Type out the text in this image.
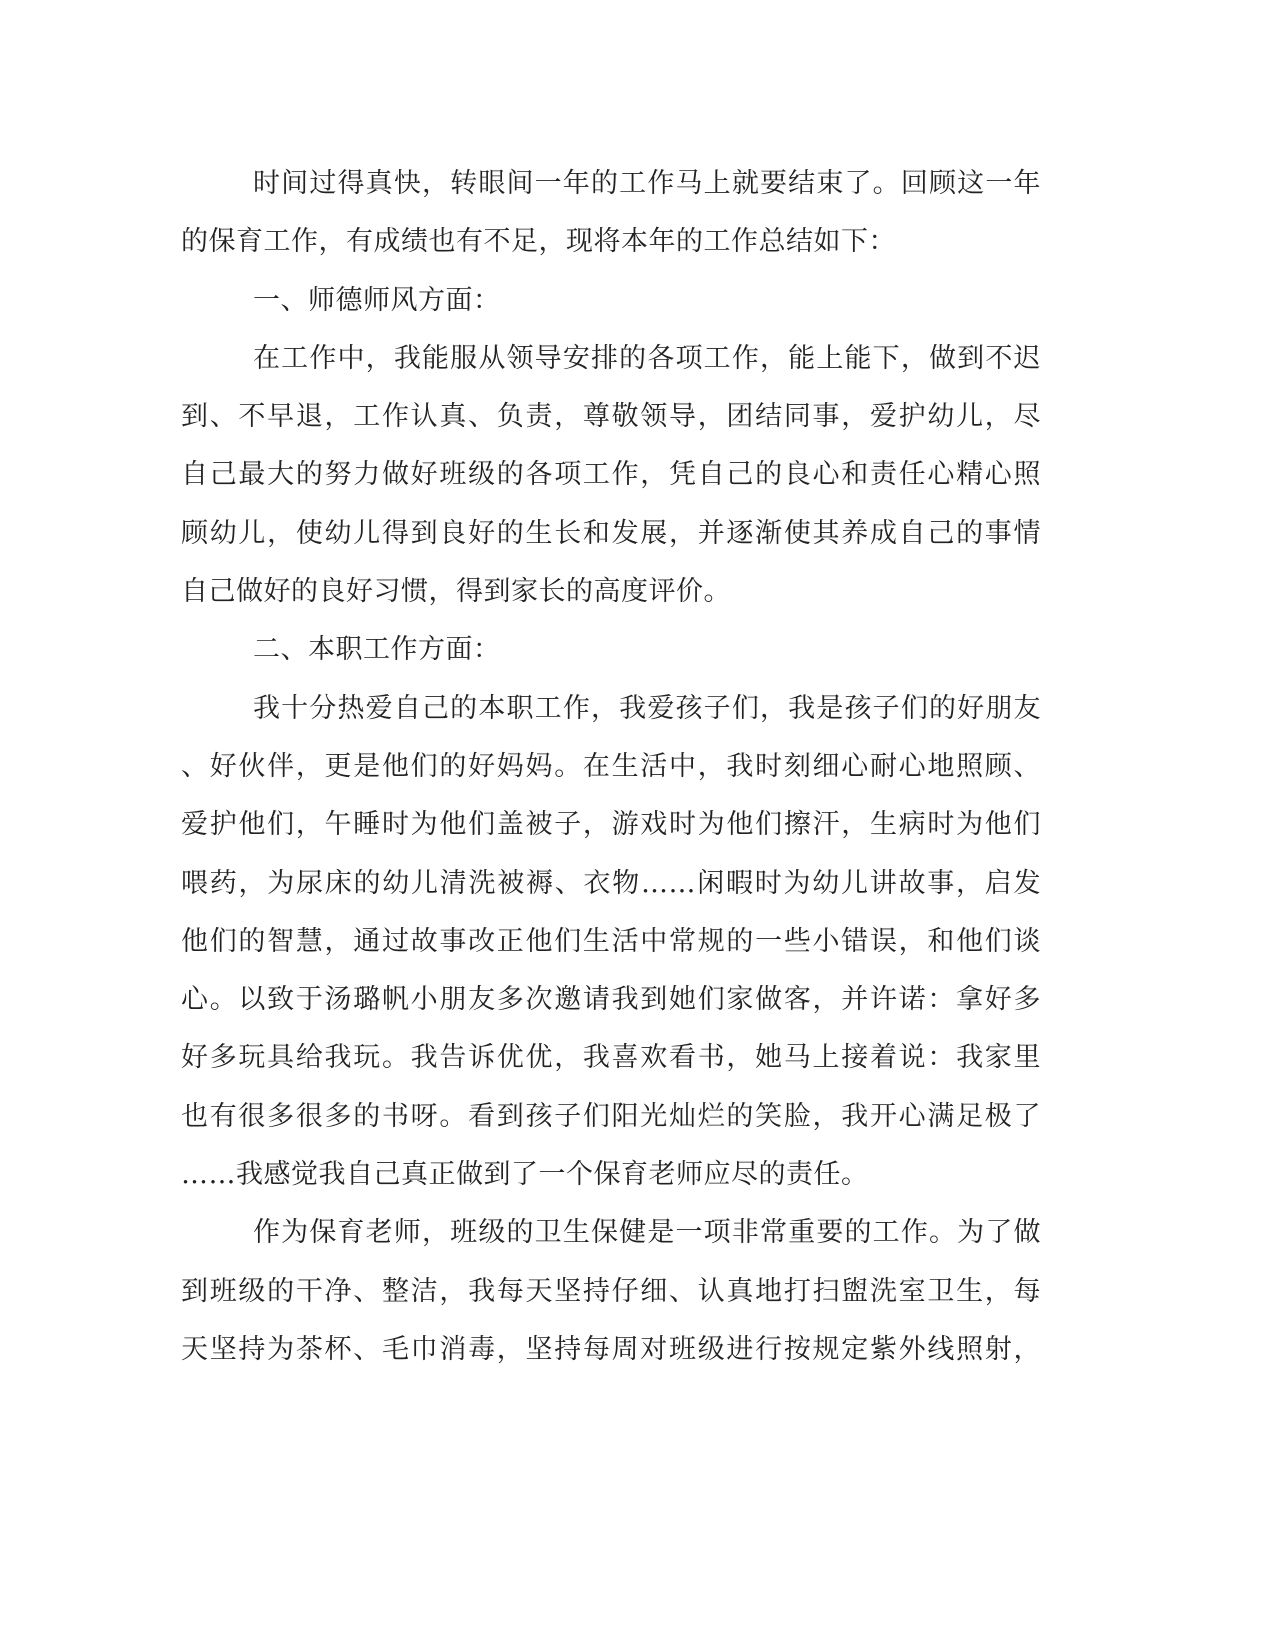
时间过得真快，转眼间一年的工作马上就要结束了。回顾这一年
的保育工作，有成绩也有不足，现将本年的工作总结如下：
一、师德师风方面：
在工作中，我能服从领导安排的各项工作，能上能下，做到不迟
到、不早退，工作认真、负责，尊敬领导，团结同事，爱护幼儿，尽
自己最大的努力做好班级的各项工作，凭自己的良心和责任心精心照
顾幼儿，使幼儿得到良好的生长和发展，并逐渐使其养成自己的事情
自己做好的良好习惯，得到家长的高度评价。
二、本职工作方面：
我十分热爱自己的本职工作，我爱孩子们，我是孩子们的好朋友
、好伙伴，更是他们的好妈妈。在生活中，我时刻细心耐心地照顾、
爱护他们，午睡时为他们盖被子，游戏时为他们擦汗，生病时为他们
喂药，为尿床的幼儿清洗被褥、衣物……闲暇时为幼儿讲故事，启发
他们的智慧，通过故事改正他们生活中常规的一些小错误，和他们谈
心。以致于汤璐帆小朋友多次邀请我到她们家做客，并许诺：拿好多
好多玩具给我玩。我告诉优优，我喜欢看书，她马上接着说：我家里
也有很多很多的书呀。看到孩子们阳光灿烂的笑脸，我开心满足极了
……我感觉我自己真正做到了一个保育老师应尽的责任。
作为保育老师，班级的卫生保健是一项非常重要的工作。为了做
到班级的干净、整洁，我每天坚持仔细、认真地打扫盥洗室卫生，每
天坚持为茶杯、毛巾消毒，坚持每周对班级进行按规定紫外线照射，
